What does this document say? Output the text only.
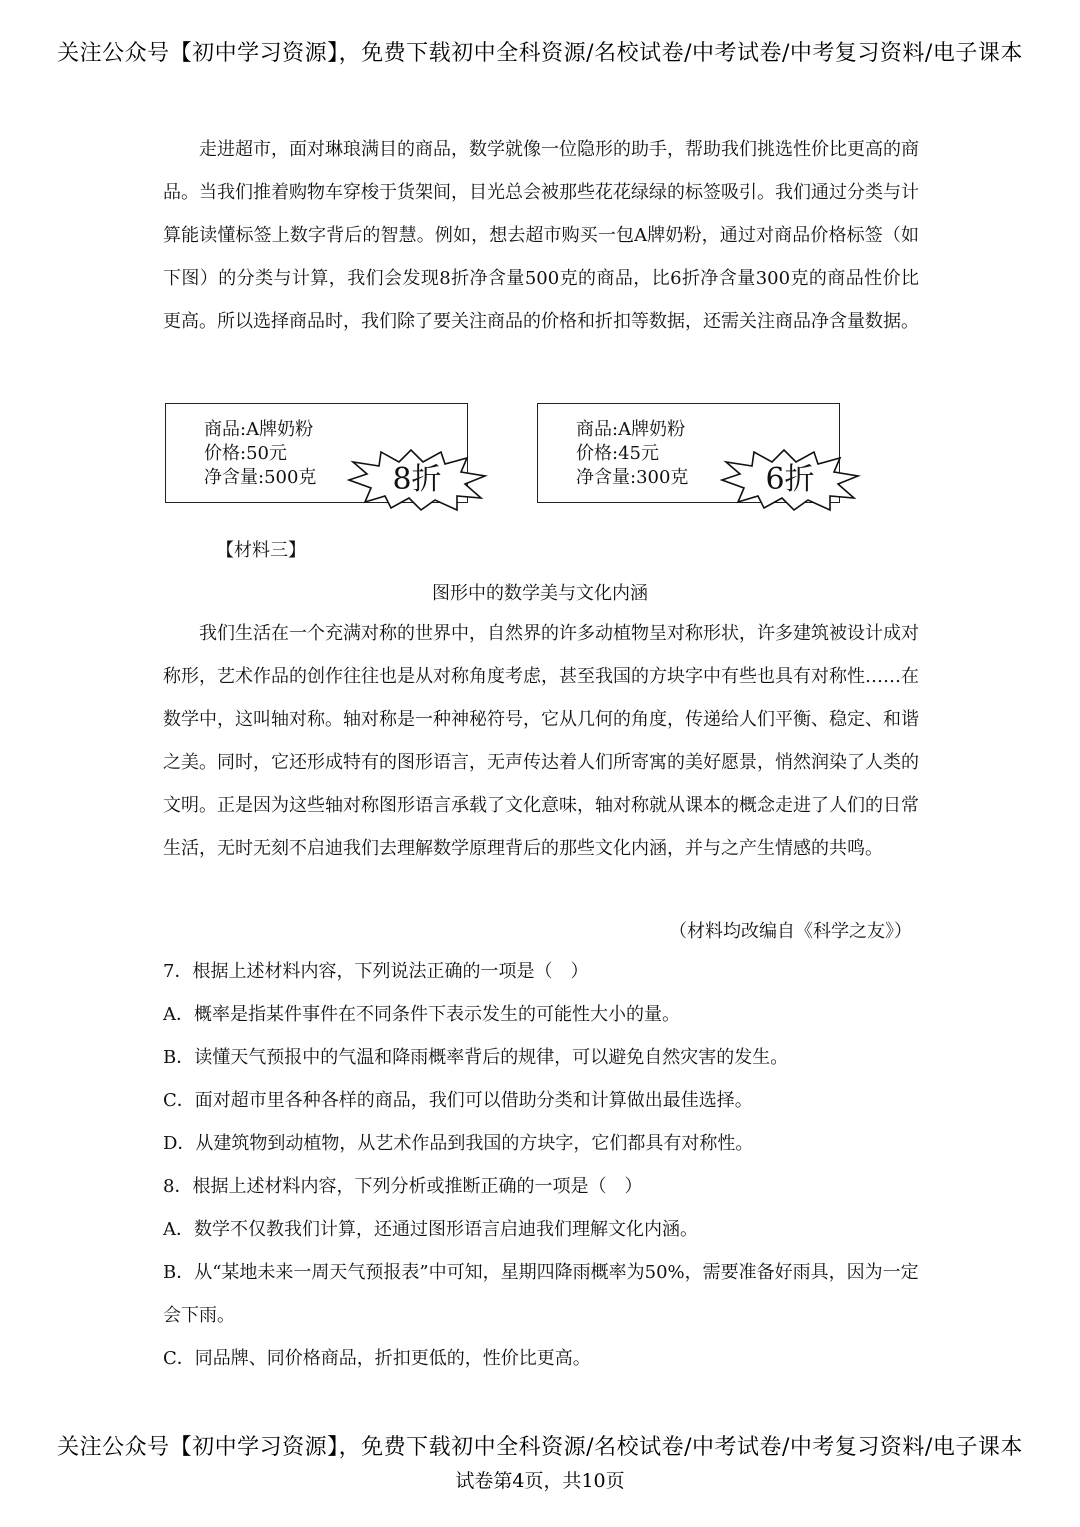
关注公众号【初中学习资源】，免费下载初中全科资源/名校试卷/中考试卷/中考复习资料/电子课本
走进超市，面对琳琅满目的商品，数学就像一位隐形的助手，帮助我们挑选性价比更高的商品。当我们推着购物车穿梭于货架间，目光总会被那些花花绿绿的标签吸引。我们通过分类与计算能读懂标签上数字背后的智慧。例如，想去超市购买一包A牌奶粉，通过对商品价格标签（如下图）的分类与计算，我们会发现8折净含量500克的商品，比6折净含量300克的商品性价比更高。所以选择商品时，我们除了要关注商品的价格和折扣等数据，还需关注商品净含量数据。
商品:A牌奶粉
价格:50元
净含量:500克	8折
商品:A牌奶粉
价格:45元
净含量:300克	6折
【材料三】
图形中的数学美与文化内涵
我们生活在一个充满对称的世界中，自然界的许多动植物呈对称形状，许多建筑被设计成对称形，艺术作品的创作往往也是从对称角度考虑，甚至我国的方块字中有些也具有对称性……在数学中，这叫轴对称。轴对称是一种神秘符号，它从几何的角度，传递给人们平衡、稳定、和谐之美。同时，它还形成特有的图形语言，无声传达着人们所寄寓的美好愿景，悄然润染了人类的文明。正是因为这些轴对称图形语言承载了文化意味，轴对称就从课本的概念走进了人们的日常生活，无时无刻不启迪我们去理解数学原理背后的那些文化内涵，并与之产生情感的共鸣。
（材料均改编自《科学之友》）
7．根据上述材料内容，下列说法正确的一项是（　）
A．概率是指某件事件在不同条件下表示发生的可能性大小的量。
B．读懂天气预报中的气温和降雨概率背后的规律，可以避免自然灾害的发生。
C．面对超市里各种各样的商品，我们可以借助分类和计算做出最佳选择。
D．从建筑物到动植物，从艺术作品到我国的方块字，它们都具有对称性。
8．根据上述材料内容，下列分析或推断正确的一项是（　）
A．数学不仅教我们计算，还通过图形语言启迪我们理解文化内涵。
B．从“某地未来一周天气预报表”中可知，星期四降雨概率为50%，需要准备好雨具，因为一定会下雨。
C．同品牌、同价格商品，折扣更低的，性价比更高。
关注公众号【初中学习资源】，免费下载初中全科资源/名校试卷/中考试卷/中考复习资料/电子课本
试卷第4页，共10页
